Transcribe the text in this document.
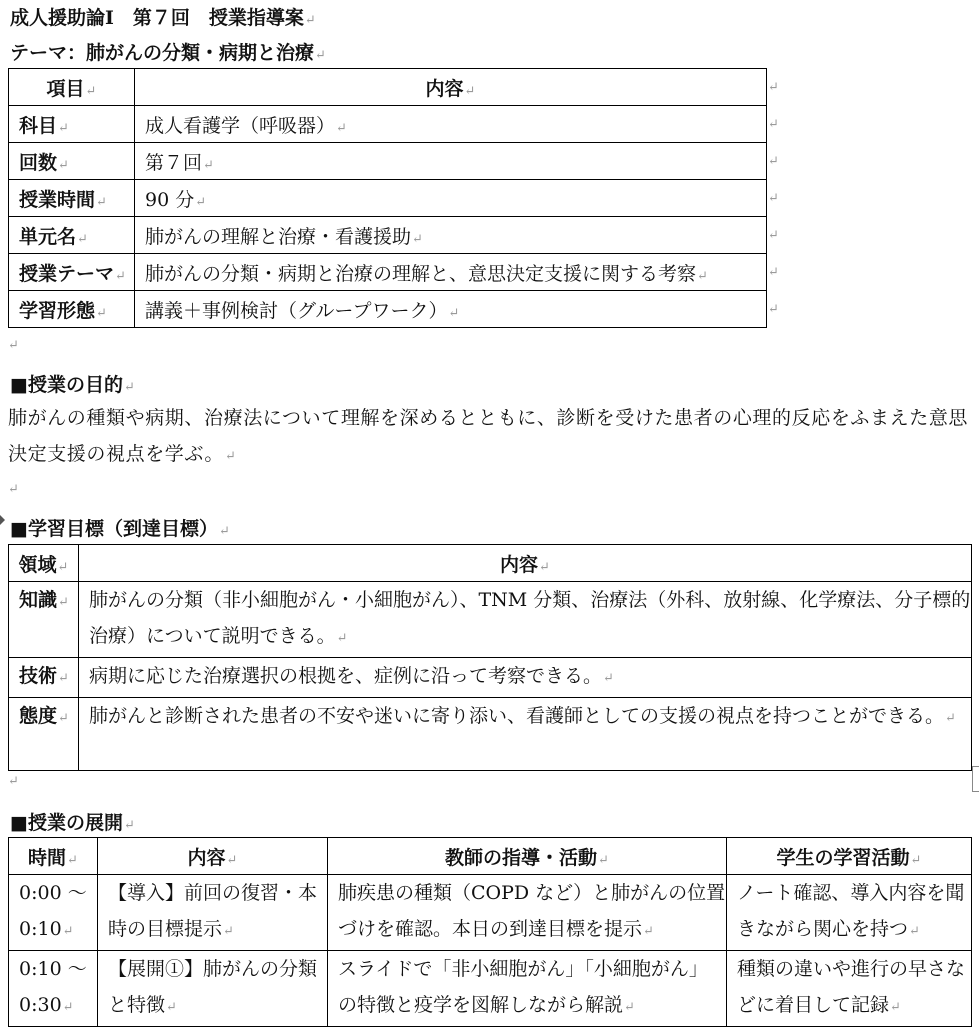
成人援助論Ⅰ　第７回　授業指導案↵
テーマ：肺がんの分類・病期と治療↵
項目↵	内容↵
科目↵	成人看護学（呼吸器）↵
回数↵	第７回↵
授業時間↵	90 分↵
単元名↵	肺がんの理解と治療・看護援助↵
授業テーマ↵	肺がんの分類・病期と治療の理解と、意思決定支援に関する考察↵
学習形態↵	講義＋事例検討（グループワーク）↵
↵
↵
↵
↵
↵
↵
↵
↵
■授業の目的↵
肺がんの種類や病期、治療法について理解を深めるとともに、診断を受けた患者の心理的反応をふまえた意思決定支援の視点を学ぶ。↵
↵
■学習目標（到達目標）↵
領域↵	内容↵
知識↵	肺がんの分類（非小細胞がん・小細胞がん）、TNM 分類、治療法（外科、放射線、化学療法、分子標的治療）について説明できる。↵
技術↵	病期に応じた治療選択の根拠を、症例に沿って考察できる。↵
態度↵	肺がんと診断された患者の不安や迷いに寄り添い、看護師としての支援の視点を持つことができる。↵
↵
■授業の展開↵
時間↵	内容↵	教師の指導・活動↵	学生の学習活動↵
0:00 ～ 0:10↵	【導入】前回の復習・本時の目標提示↵	肺疾患の種類（COPD など）と肺がんの位置づけを確認。本日の到達目標を提示↵	ノート確認、導入内容を聞きながら関心を持つ↵
0:10 ～ 0:30↵	【展開①】肺がんの分類と特徴↵	スライドで「非小細胞がん」「小細胞がん」の特徴と疫学を図解しながら解説↵	種類の違いや進行の早さなどに着目して記録↵
